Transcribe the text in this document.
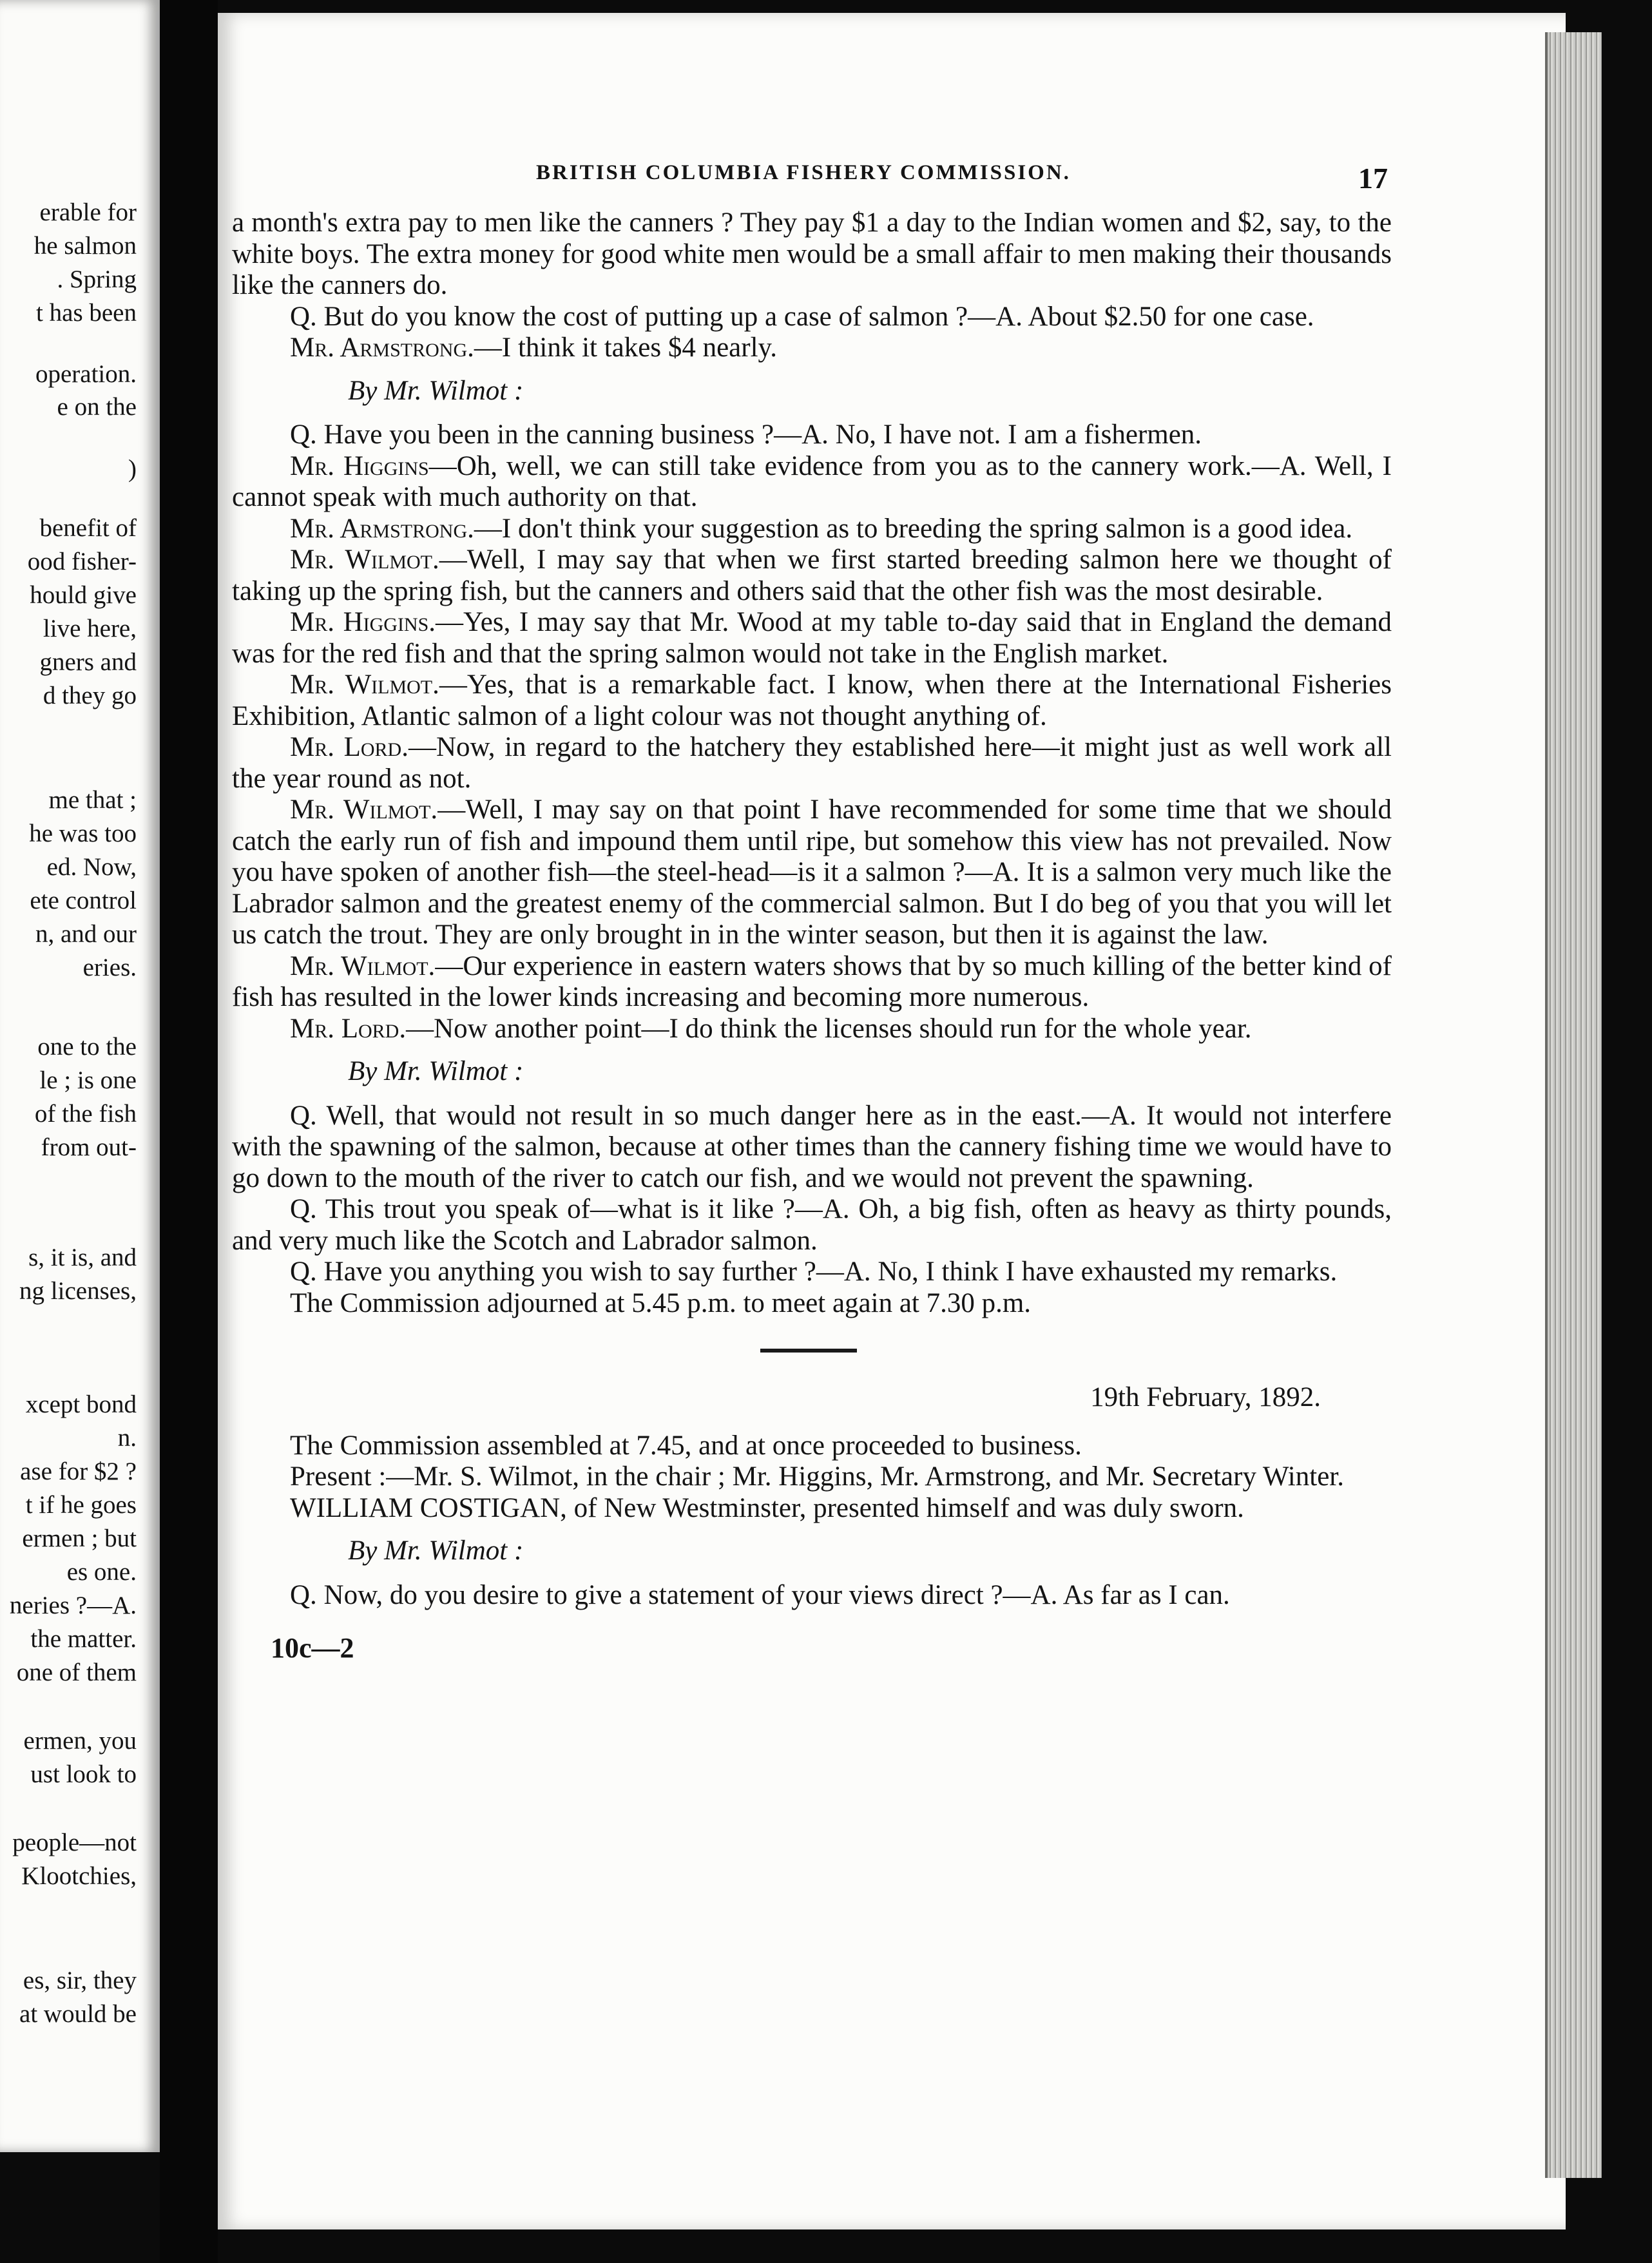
erable for
he salmon
. Spring
t has been
operation.
e on the
)
benefit of
ood fisher-
hould give
live here,
gners and
d they go
me that ;
he was too
ed. Now,
ete control
n, and our
eries.
one to the
le ; is one
of the fish
from out-
s, it is, and
ng licenses,
xcept bond
n.
ase for $2 ?
t if he goes
ermen ; but
es one.
neries ?—A.
the matter.
one of them
ermen, you
ust look to
people—not
Klootchies,
es, sir, they
at would be
BRITISH COLUMBIA FISHERY COMMISSION.	17

a month's extra pay to men like the canners ? They pay $1 a day to the Indian women and $2, say, to the white boys. The extra money for good white men would be a small affair to men making their thousands like the canners do.

Q. But do you know the cost of putting up a case of salmon ?—A. About $2.50 for one case.

Mr. Armstrong.—I think it takes $4 nearly.

By Mr. Wilmot :

Q. Have you been in the canning business ?—A. No, I have not. I am a fishermen.

Mr. Higgins—Oh, well, we can still take evidence from you as to the cannery work.—A. Well, I cannot speak with much authority on that.

Mr. Armstrong.—I don't think your suggestion as to breeding the spring salmon is a good idea.

Mr. Wilmot.—Well, I may say that when we first started breeding salmon here we thought of taking up the spring fish, but the canners and others said that the other fish was the most desirable.

Mr. Higgins.—Yes, I may say that Mr. Wood at my table to-day said that in England the demand was for the red fish and that the spring salmon would not take in the English market.

Mr. Wilmot.—Yes, that is a remarkable fact. I know, when there at the International Fisheries Exhibition, Atlantic salmon of a light colour was not thought anything of.

Mr. Lord.—Now, in regard to the hatchery they established here—it might just as well work all the year round as not.

Mr. Wilmot.—Well, I may say on that point I have recommended for some time that we should catch the early run of fish and impound them until ripe, but somehow this view has not prevailed. Now you have spoken of another fish—the steel-head—is it a salmon ?—A. It is a salmon very much like the Labrador salmon and the greatest enemy of the commercial salmon. But I do beg of you that you will let us catch the trout. They are only brought in in the winter season, but then it is against the law.

Mr. Wilmot.—Our experience in eastern waters shows that by so much killing of the better kind of fish has resulted in the lower kinds increasing and becoming more numerous.

Mr. Lord.—Now another point—I do think the licenses should run for the whole year.

By Mr. Wilmot :

Q. Well, that would not result in so much danger here as in the east.—A. It would not interfere with the spawning of the salmon, because at other times than the cannery fishing time we would have to go down to the mouth of the river to catch our fish, and we would not prevent the spawning.

Q. This trout you speak of—what is it like ?—A. Oh, a big fish, often as heavy as thirty pounds, and very much like the Scotch and Labrador salmon.

Q. Have you anything you wish to say further ?—A. No, I think I have exhausted my remarks.

The Commission adjourned at 5.45 p.m. to meet again at 7.30 p.m.

19th February, 1892.

The Commission assembled at 7.45, and at once proceeded to business.

Present :—Mr. S. Wilmot, in the chair ; Mr. Higgins, Mr. Armstrong, and Mr. Secretary Winter.

WILLIAM COSTIGAN, of New Westminster, presented himself and was duly sworn.

By Mr. Wilmot :

Q. Now, do you desire to give a statement of your views direct ?—A. As far as I can.

10c—2
